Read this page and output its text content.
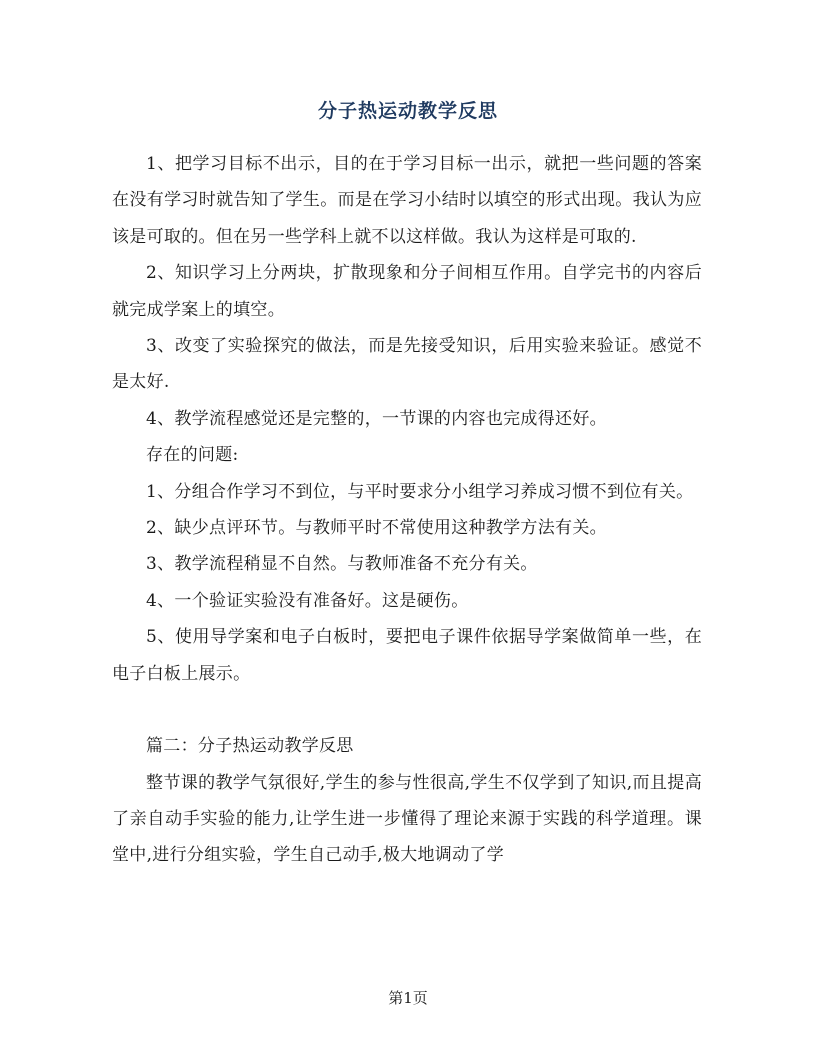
分子热运动教学反思

1、把学习目标不出示，目的在于学习目标一出示，就把一些问题的答案在没有学习时就告知了学生。而是在学习小结时以填空的形式出现。我认为应该是可取的。但在另一些学科上就不以这样做。我认为这样是可取的.

2、知识学习上分两块，扩散现象和分子间相互作用。自学完书的内容后就完成学案上的填空。

3、改变了实验探究的做法，而是先接受知识，后用实验来验证。感觉不是太好.

4、教学流程感觉还是完整的，一节课的内容也完成得还好。

存在的问题:

1、分组合作学习不到位，与平时要求分小组学习养成习惯不到位有关。

2、缺少点评环节。与教师平时不常使用这种教学方法有关。

3、教学流程稍显不自然。与教师准备不充分有关。

4、一个验证实验没有准备好。这是硬伤。

5、使用导学案和电子白板时，要把电子课件依据导学案做简单一些，在电子白板上展示。

篇二：分子热运动教学反思

整节课的教学气氛很好,学生的参与性很高,学生不仅学到了知识,而且提高了亲自动手实验的能力,让学生进一步懂得了理论来源于实践的科学道理。课堂中,进行分组实验，学生自己动手,极大地调动了学

第1页
